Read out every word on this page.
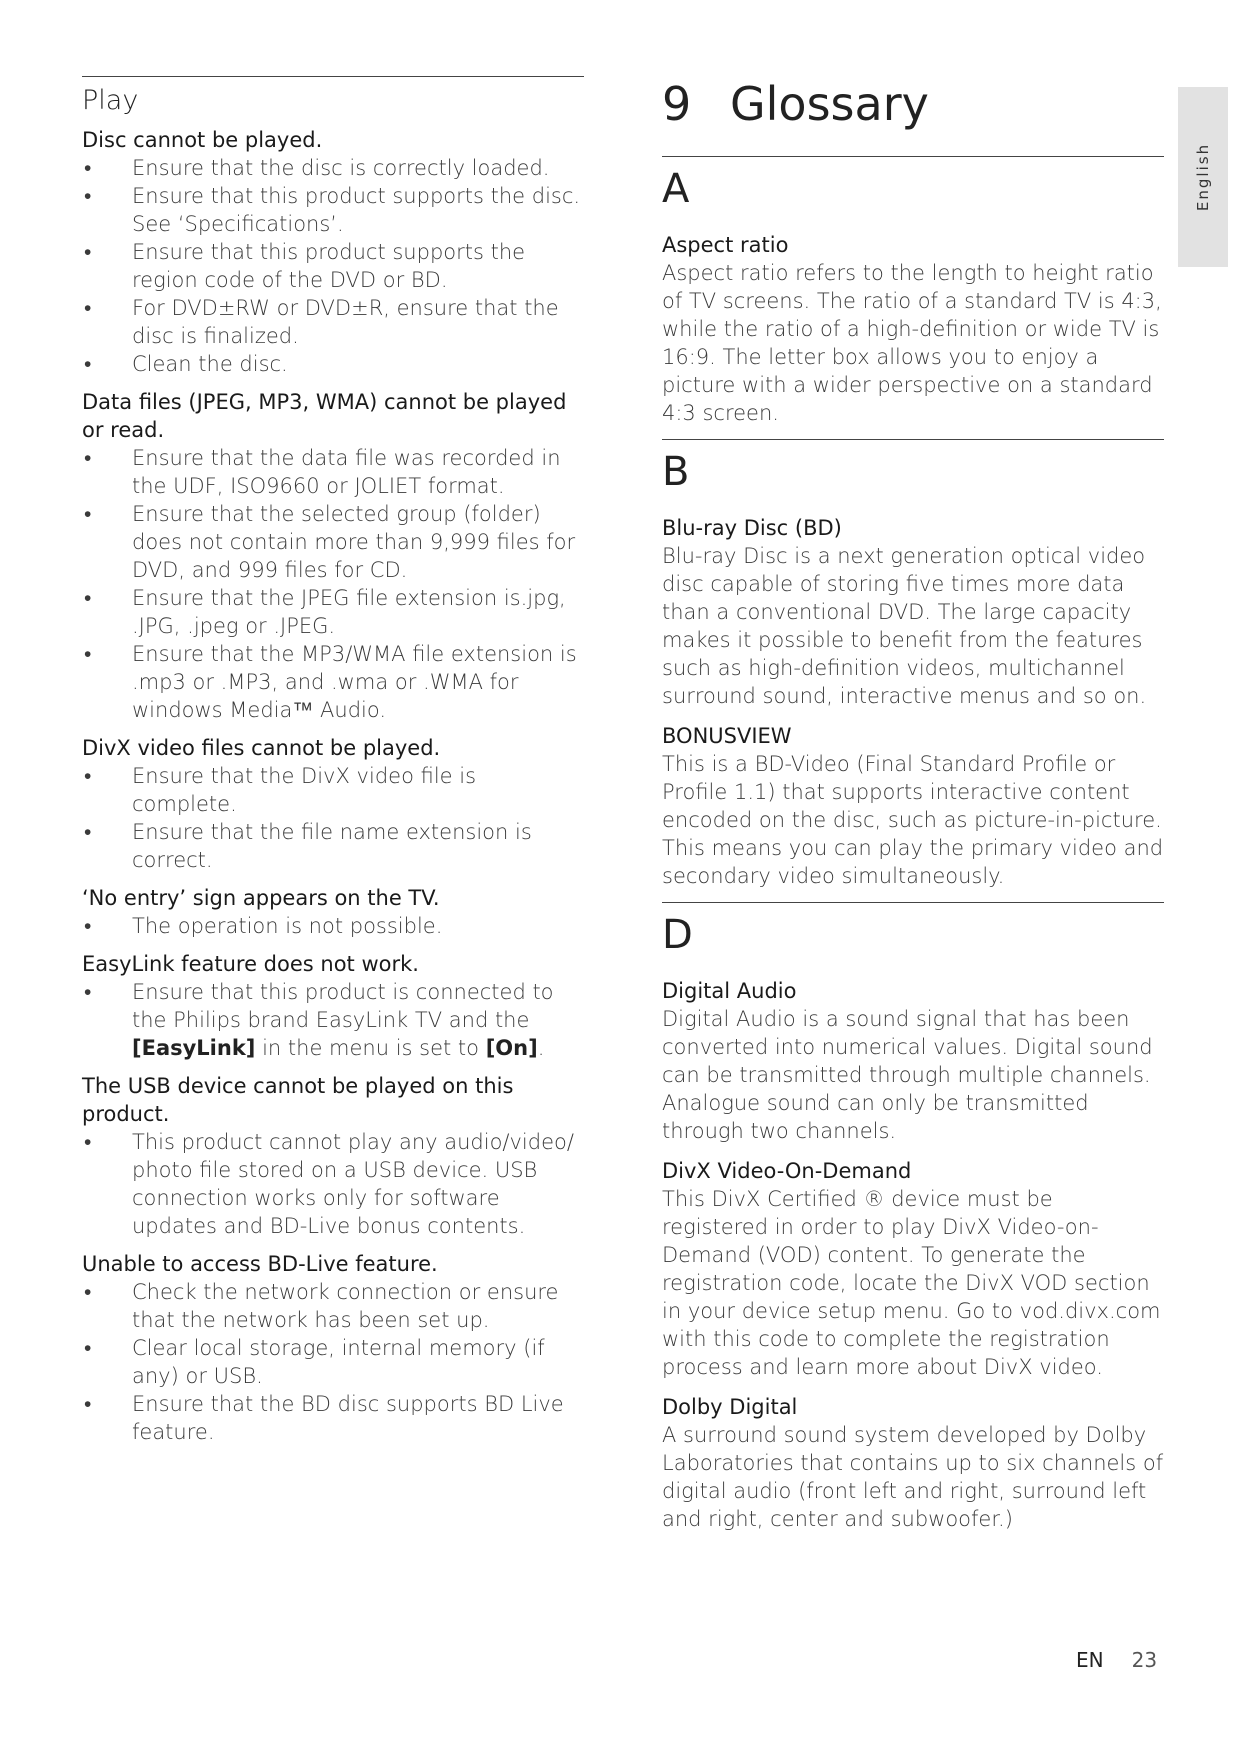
English
Play
Disc cannot be played.
• Ensure that the disc is correctly loaded.
• Ensure that this product supports the disc. See ‘Specifications’.
• Ensure that this product supports the region code of the DVD or BD.
• For DVD±RW or DVD±R, ensure that the disc is finalized.
• Clean the disc.
Data files (JPEG, MP3, WMA) cannot be played or read.
• Ensure that the data file was recorded in the UDF, ISO9660 or JOLIET format.
• Ensure that the selected group (folder) does not contain more than 9,999 files for DVD, and 999 files for CD.
• Ensure that the JPEG file extension is.jpg, .JPG, .jpeg or .JPEG.
• Ensure that the MP3/WMA file extension is .mp3 or .MP3, and .wma or .WMA for windows Media™ Audio.
DivX video files cannot be played.
• Ensure that the DivX video file is complete.
• Ensure that the file name extension is correct.
‘No entry’ sign appears on the TV.
• The operation is not possible.
EasyLink feature does not work.
• Ensure that this product is connected to the Philips brand EasyLink TV and the [EasyLink] in the menu is set to [On].
The USB device cannot be played on this product.
• This product cannot play any audio/video/ photo file stored on a USB device. USB connection works only for software updates and BD-Live bonus contents.
Unable to access BD-Live feature.
• Check the network connection or ensure that the network has been set up.
• Clear local storage, internal memory (if any) or USB.
• Ensure that the BD disc supports BD Live feature.
9 Glossary
A
Aspect ratio
Aspect ratio refers to the length to height ratio of TV screens. The ratio of a standard TV is 4:3, while the ratio of a high-definition or wide TV is 16:9. The letter box allows you to enjoy a picture with a wider perspective on a standard 4:3 screen.
B
Blu-ray Disc (BD)
Blu-ray Disc is a next generation optical video disc capable of storing five times more data than a conventional DVD. The large capacity makes it possible to benefit from the features such as high-definition videos, multichannel surround sound, interactive menus and so on.
BONUSVIEW
This is a BD-Video (Final Standard Profile or Profile 1.1) that supports interactive content encoded on the disc, such as picture-in-picture. This means you can play the primary video and secondary video simultaneously.
D
Digital Audio
Digital Audio is a sound signal that has been converted into numerical values. Digital sound can be transmitted through multiple channels. Analogue sound can only be transmitted through two channels.
DivX Video-On-Demand
This DivX Certified ® device must be registered in order to play DivX Video-on-Demand (VOD) content. To generate the registration code, locate the DivX VOD section in your device setup menu. Go to vod.divx.com with this code to complete the registration process and learn more about DivX video.
Dolby Digital
A surround sound system developed by Dolby Laboratories that contains up to six channels of digital audio (front left and right, surround left and right, center and subwoofer.)
EN 23
